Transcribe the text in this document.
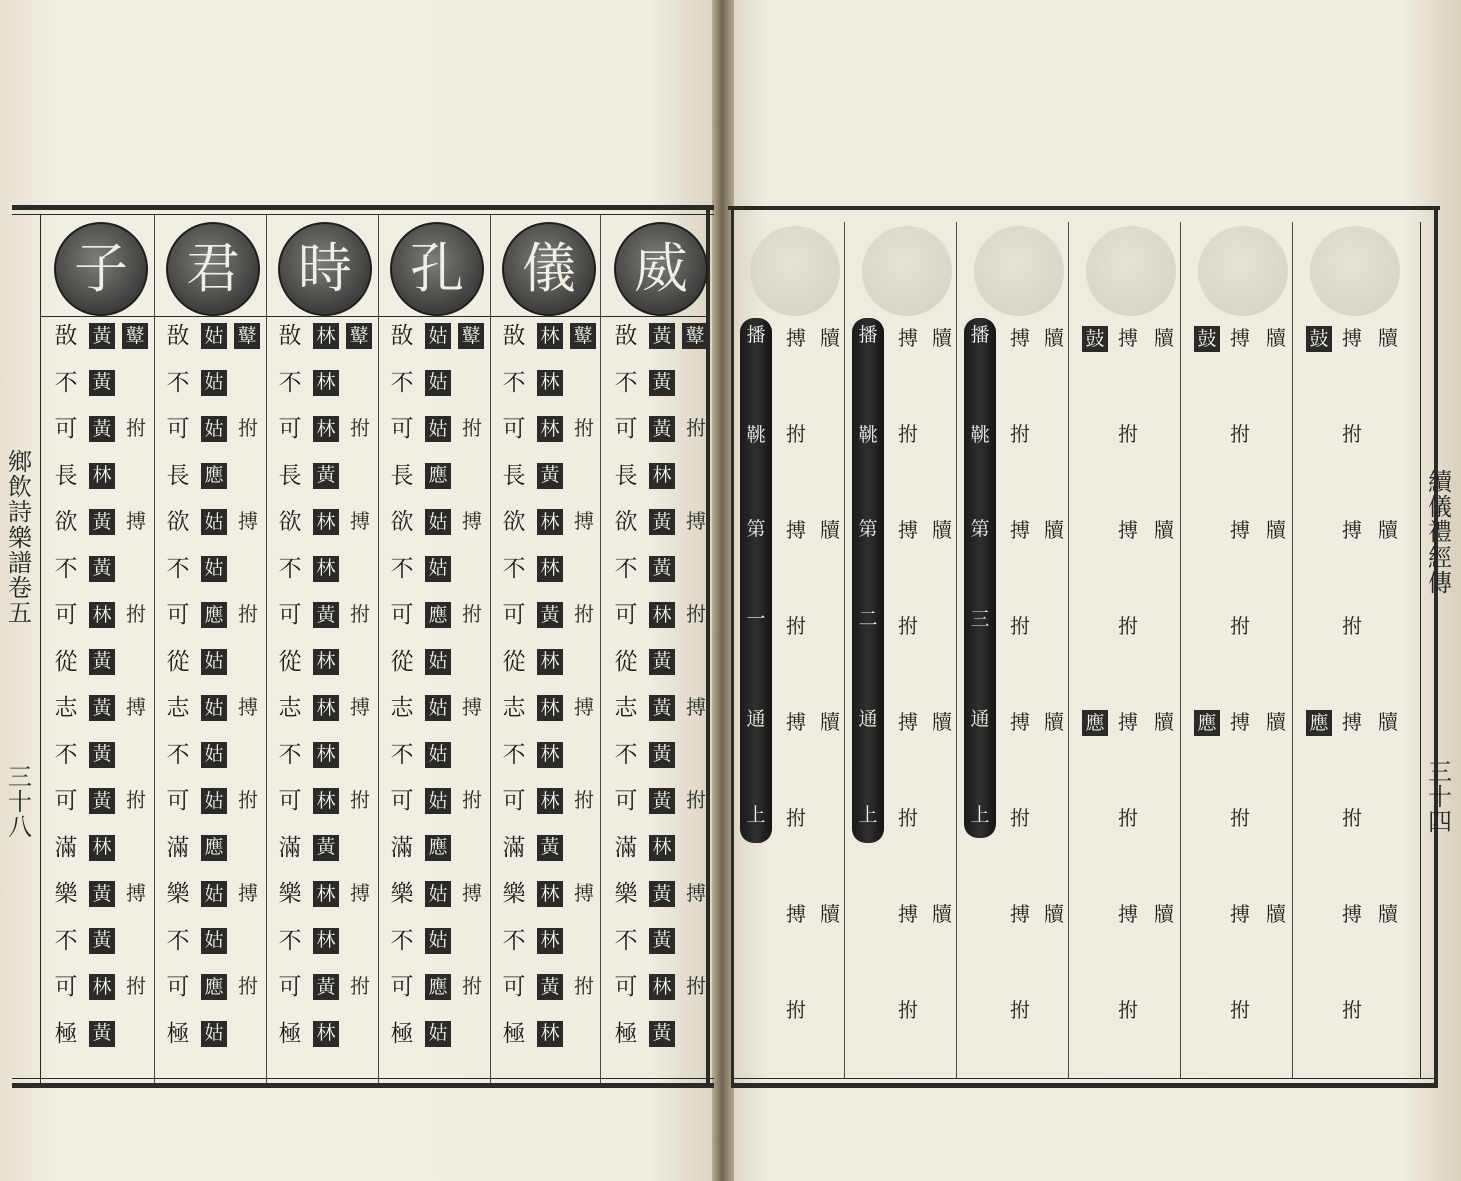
子 君 時 孔 儀 威
敔
不
可
長
欲
不
可
從
志
不
可
滿
樂
不
可
極
黃
黃
黃
林
黃
黃
林
黃
黃
黃
黃
林
黃
黃
林
黃
鼙
拊
搏
拊
搏
拊
搏
拊
敔
不
可
長
欲
不
可
從
志
不
可
滿
樂
不
可
極
姑
姑
姑
應
姑
姑
應
姑
姑
姑
姑
應
姑
姑
應
姑
鼙
拊
搏
拊
搏
拊
搏
拊
敔
不
可
長
欲
不
可
從
志
不
可
滿
樂
不
可
極
林
林
林
黃
林
林
黃
林
林
林
林
黃
林
林
黃
林
鼙
拊
搏
拊
搏
拊
搏
拊
敔
不
可
長
欲
不
可
從
志
不
可
滿
樂
不
可
極
姑
姑
姑
應
姑
姑
應
姑
姑
姑
姑
應
姑
姑
應
姑
鼙
拊
搏
拊
搏
拊
搏
拊
敔
不
可
長
欲
不
可
從
志
不
可
滿
樂
不
可
極
林
林
林
黃
林
林
黃
林
林
林
林
黃
林
林
黃
林
鼙
拊
搏
拊
搏
拊
搏
拊
敔
不
可
長
欲
不
可
從
志
不
可
滿
樂
不
可
極
黃
黃
黃
林
黃
黃
林
黃
黃
黃
黃
林
黃
黃
林
黃
鼙
拊
搏
拊
搏
拊
搏
拊
鄉飲詩樂譜卷五
三十八
播
鞉
第
一
通
上
搏
拊
搏
拊
搏
拊
搏
拊
牘
牘
牘
牘
播
鞉
第
二
通
上
搏
拊
搏
拊
搏
拊
搏
拊
牘
牘
牘
牘
播
鞉
第
三
通
上
搏
拊
搏
拊
搏
拊
搏
拊
牘
牘
牘
牘
鼓
應
搏
拊
搏
拊
搏
拊
搏
拊
牘
牘
牘
牘
鼓
應
搏
拊
搏
拊
搏
拊
搏
拊
牘
牘
牘
牘
鼓
應
搏
拊
搏
拊
搏
拊
搏
拊
牘
牘
牘
牘
續儀禮經傳
三十四
